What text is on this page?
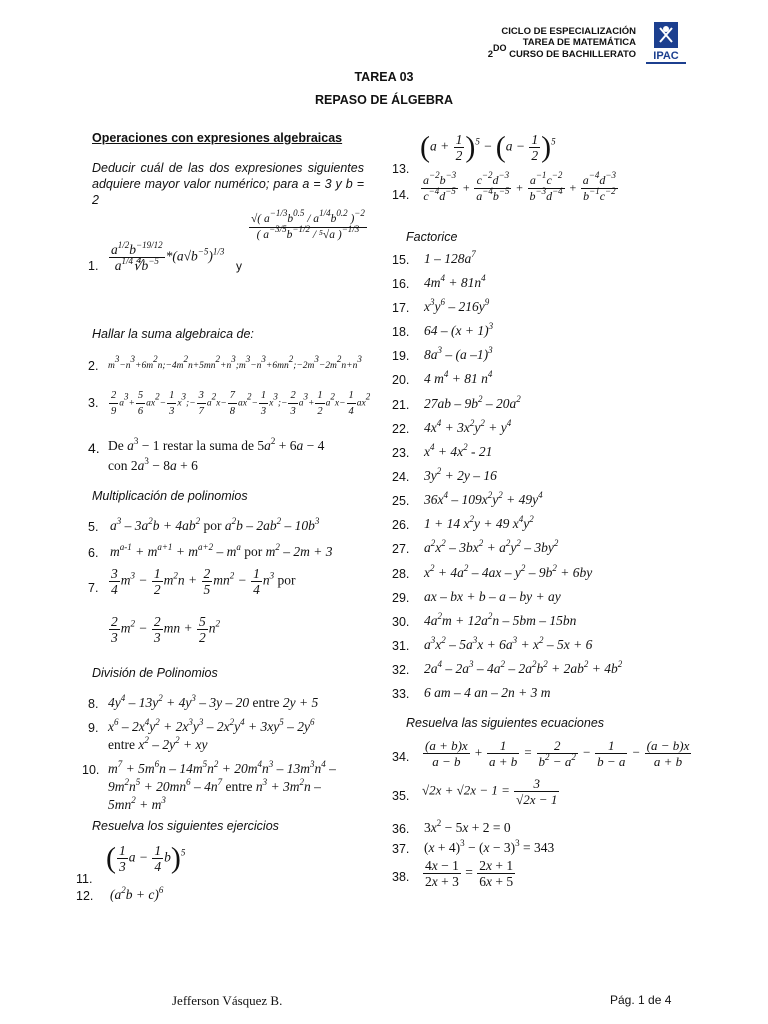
CICLO DE ESPECIALIZACIÓN
TAREA DE MATEMÁTICA
$2^{DO}$ CURSO DE BACHILLERATO IPAC
TAREA 03
REPASO DE ÁLGEBRA
Operaciones con expresiones algebraicas
Deducir cuál de las dos expresiones siguientes adquiere mayor valor numérico; para a = 3 y b = 2
1. $\frac{a^{1/2}b^{-19/12}}{a^{1/4}∜b^{-5}} *(a√b^{-5})^{1/3}$
y
$\frac{√( a^{-1/3}b^{0.5} / a^{1/4}b^{0.2} )^{-2}}{( a^{-3/5}b^{-1/2} / ^5√a )^{-1/3}}$
Hallar la suma algebraica de:
2. $m^3-n^3+6m^2n;-4m^2n+5mn^2+n^3;m^3-n^3+6mn^2;-2m^3-2m^2n+n^3$
3. $\frac{2}{9} a^3+ \frac{5}{6} ax^2- \frac{1}{3}$ $x^3;- \frac{3}{7} a^2x- \frac{7}{8} ax^2- \frac{1}{3}$ $x^3;- \frac{2}{3} a^3+ \frac{1}{2} a^2x- \frac{1}{4} ax^2$
4. De $a^3 - 1$ restar la suma de $5a^2 + 6a - 4$
con $2a^3 - 8a + 6$
Multiplicación de polinomios
5. $a^3 - 3a^2b + 4ab^2$ por $a^2b - 2ab^2 - 10b^3$
6. $m^{a-1} + m^{a+1} + m^{a+2} - m^a$ por $m^2 - 2m + 3$
7. $\frac{3}{4} m^3 - \frac{1}{2} m^2n + \frac{2}{5} mn^2 - \frac{1}{4} n^3$ por
$\frac{2}{3} m^2 - \frac{2}{3}$ mn + $\frac{5}{2} n^2$
División de Polinomios
8. $4y^4 - 13y^2 + 4y^3 - 3y - 20$ entre 2y + 5
9. $x^6 - 2x^4y^2 + 2x^3y^3 - 2x^2y^4 + 3xy^5 - 2y^6$
entre $x^2 - 2y^2$ + xy
10. $m^7 + 5m^6n - 14m^5n^2 + 20m^4n^3 - 13m^3n^4$ –
$9m^2n^5 + 20mn^6 - 4n^7$ entre $n^3 + 3m^2n$ –
$5mn^2 + m^3$
Resuelva los siguientes ejercicios
( $\frac{1}{3}$ $a - \frac{1}{4} b)^5$
11.
12. $(a^2b + c)^6$
$(a + \frac{1}{2} )^5 - (a - \frac{1}{2} )^5$
13.
14. $\frac{a^{-2}b^{-3}}{c^{-4}d^{-5}} + \frac{c^{-2}d^{-3}}{a^{-4}b^{-5}} + \frac{a^{-1}c^{-2}}{b^{-3}d^{-4}} + \frac{a^{-4}d^{-3}}{b^{-1}c^{-2}}$
Factorice
15. $1 - 128a^7$
16. $4m^4 + 81n^4$
17. $x^3y^6 - 216y^9$
18. $64 - (x + 1)^3$
19. $8a^3 - (a$ –1)$^3$
20. 4 $m^4 + 81$ $n^4$
21. $27ab - 9b^2 - 20a^2$
22. $4x^4 + 3x^2y^2 + y^4$
23. $x^4 + 4x^2 - 21$
24. $3y^2 + 2y - 16$
25. $36x^4 - 109x^2y^2 + 49y^4$
26. 1 + 14 $x^2y + 49$ $x^4y^2$
27. $a^2x^2 - 3bx^2 + a^2y^2 - 3by^2$
28. $x^2 + 4a^2 - 4ax - y^2 - 9b^2 + 6by$
29. ax – bx + b – a – by + ay
30. $4a^2m + 12a^2n - 5bm - 15bn$
31. $a^3x^2 - 5a^3x + 6a^3 + x^2 - 5x + 6$
32. $2a^4 - 2a^3 - 4a^2 - 2a^2b^2 + 2ab^2 + 4b^2$
33. 6 am – 4 an – 2n + 3 m
Resuelva las siguientes ecuaciones
34. $\frac{(a + b)x}{a - b} + \frac{1}{a + b} = \frac{2}{b^2 - a^2} - \frac{1}{b - a} - \frac{(a - b)x}{a + b}$
35. $√2x + √2x - 1 = \frac{3}{√2x - 1}$
36. $3x^2 - 5x + 2 = 0$
37. $(x + 4)^3 - (x - 3)^3 = 343$
38. $\frac{4x - 1}{2x + 3} = \frac{2x + 1}{6x + 5}$
Jefferson Vásquez B.	Pág. 1 de 4
